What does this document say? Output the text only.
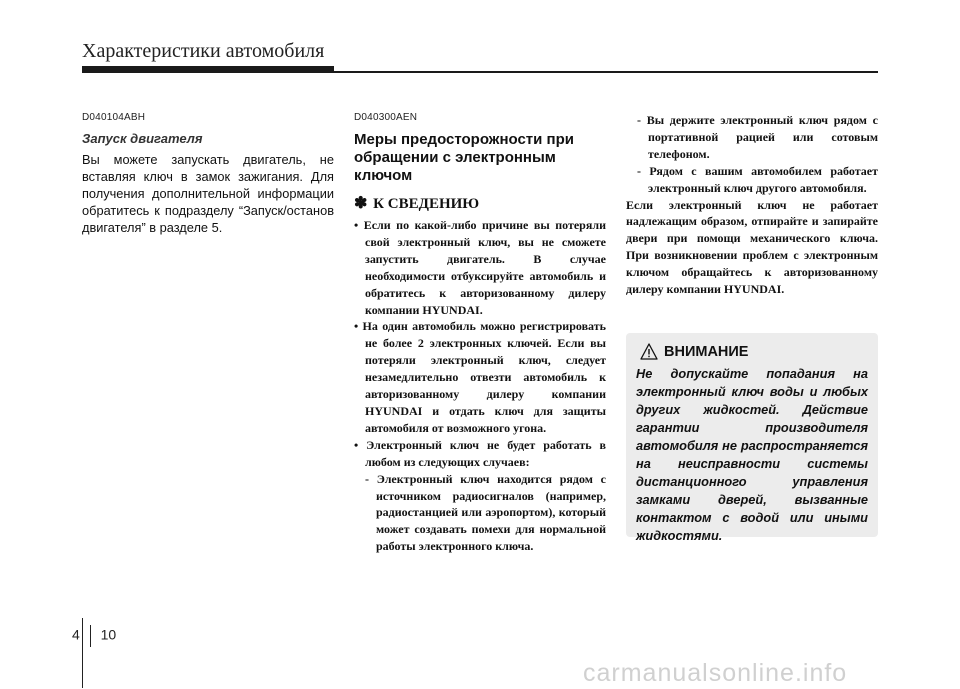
Характеристики автомобиля
D040104ABH
Запуск двигателя
Вы можете запускать двигатель, не вставляя ключ в замок зажигания. Для получения дополнительной информации обратитесь к подразделу “Запуск/останов двигателя” в разделе 5.
D040300AEN
Меры предосторожности при обращении с электронным ключом
✽ К СВЕДЕНИЮ

• Если по какой-либо причине вы потеряли свой электронный ключ, вы не сможете запустить двигатель. В случае необходимости отбуксируйте автомобиль и обратитесь к авторизованному дилеру компании HYUNDAI.

• На один автомобиль можно регистрировать не более 2 электронных ключей. Если вы потеряли электронный ключ, следует незамедлительно отвезти автомобиль к авторизованному дилеру компании HYUNDAI и отдать ключ для защиты автомобиля от возможного угона.

• Электронный ключ не будет работать в любом из следующих случаев:

- Электронный ключ находится рядом с источником радиосигналов (например, радиостанцией или аэропортом), который может создавать помехи для нормальной работы электронного ключа.

- Вы держите электронный ключ рядом с портативной рацией или сотовым телефоном.

- Рядом с вашим автомобилем работает электронный ключ другого автомобиля.

Если электронный ключ не работает надлежащим образом, отпирайте и запирайте двери при помощи механического ключа. При возникновении проблем с электронным ключом обращайтесь к авторизованному дилеру компании HYUNDAI.

ВНИМАНИЕ
Не допускайте попадания на электронный ключ воды и любых других жидкостей. Действие гарантии производителя автомобиля не распространяется на неисправности системы дистанционного управления замками дверей, вызванные контактом с водой или иными жидкостями.
4 10
carmanualsonline.info
